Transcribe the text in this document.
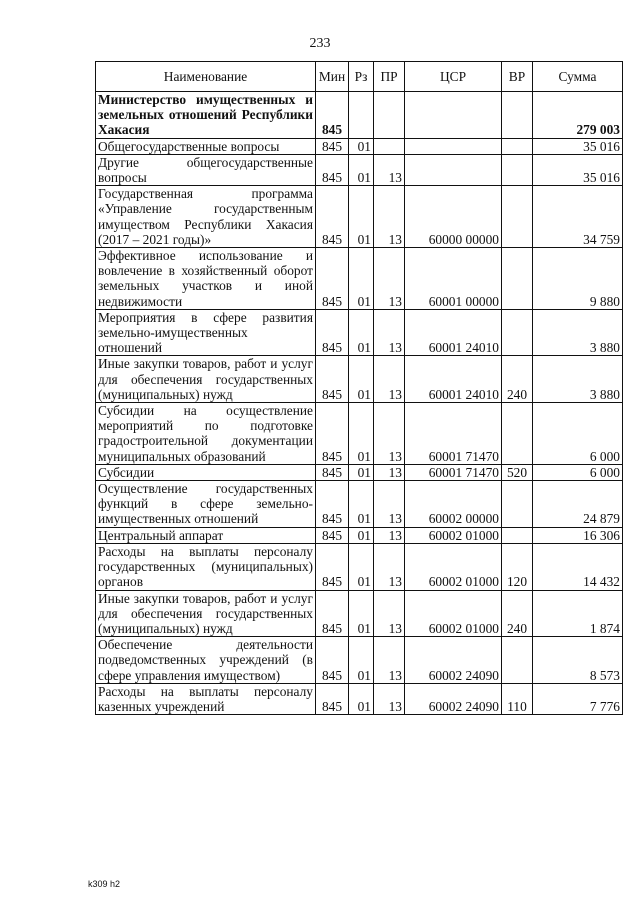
233
Наименование	Мин	Рз	ПР	ЦСР	ВР	Сумма
Министерство имущественных и земельных отношений Республики Хакасия	845					279 003
Общегосударственные вопросы	845	01				35 016
Другие общегосударственные вопросы	845	01	13			35 016
Государственная программа «Управление государственным имуществом Республики Хакасия (2017 – 2021 годы)»	845	01	13	60000 00000		34 759
Эффективное использование и вовлечение в хозяйственный оборот земельных участков и иной недвижимости	845	01	13	60001 00000		9 880
Мероприятия в сфере развития земельно-имущественных отношений	845	01	13	60001 24010		3 880
Иные закупки товаров, работ и услуг для обеспечения государственных (муниципальных) нужд	845	01	13	60001 24010	240	3 880
Субсидии на осуществление мероприятий по подготовке градостроительной документации муниципальных образований	845	01	13	60001 71470		6 000
Субсидии	845	01	13	60001 71470	520	6 000
Осуществление государственных функций в сфере земельно-имущественных отношений	845	01	13	60002 00000		24 879
Центральный аппарат	845	01	13	60002 01000		16 306
Расходы на выплаты персоналу государственных (муниципальных) органов	845	01	13	60002 01000	120	14 432
Иные закупки товаров, работ и услуг для обеспечения государственных (муниципальных) нужд	845	01	13	60002 01000	240	1 874
Обеспечение деятельности подведомственных учреждений (в сфере управления имуществом)	845	01	13	60002 24090		8 573
Расходы на выплаты персоналу казенных учреждений	845	01	13	60002 24090	110	7 776
k309 h2
